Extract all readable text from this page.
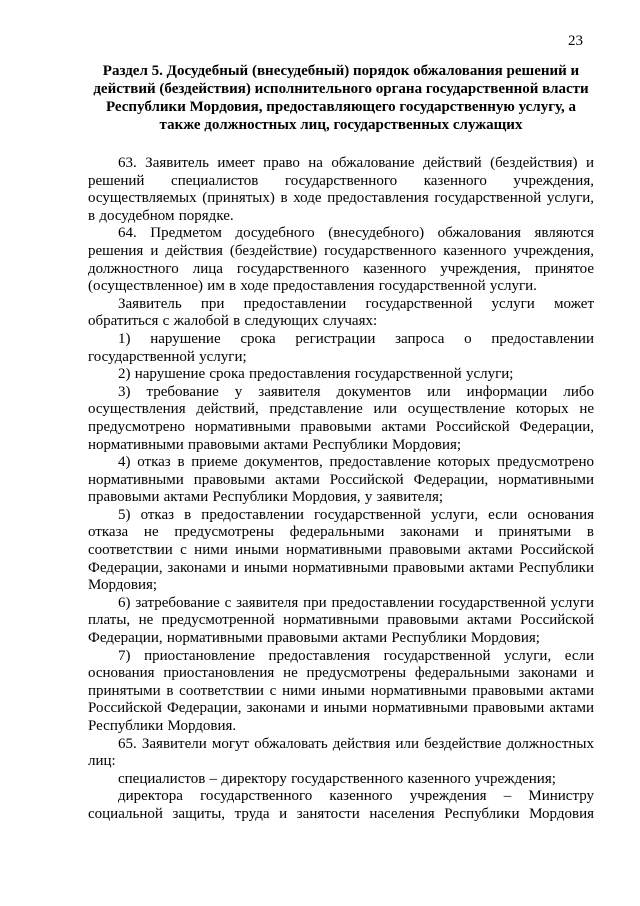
23
Раздел 5. Досудебный (внесудебный) порядок обжалования решений и действий (бездействия) исполнительного органа государственной власти Республики Мордовия, предоставляющего государственную услугу, а также должностных лиц, государственных служащих

63. Заявитель имеет право на обжалование действий (бездействия) и решений специалистов государственного казенного учреждения, осуществляемых (принятых) в ходе предоставления государственной услуги, в досудебном порядке.

64. Предметом досудебного (внесудебного) обжалования являются решения и действия (бездействие) государственного казенного учреждения, должностного лица государственного казенного учреждения, принятое (осуществленное) им в ходе предоставления государственной услуги.

Заявитель при предоставлении государственной услуги может обратиться с жалобой в следующих случаях:

1) нарушение срока регистрации запроса о предоставлении государственной услуги;

2) нарушение срока предоставления государственной услуги;

3) требование у заявителя документов или информации либо осуществления действий, представление или осуществление которых не предусмотрено нормативными правовыми актами Российской Федерации, нормативными правовыми актами Республики Мордовия;

4) отказ в приеме документов, предоставление которых предусмотрено нормативными правовыми актами Российской Федерации, нормативными правовыми актами Республики Мордовия, у заявителя;

5) отказ в предоставлении государственной услуги, если основания отказа не предусмотрены федеральными законами и принятыми в соответствии с ними иными нормативными правовыми актами Российской Федерации, законами и иными нормативными правовыми актами Республики Мордовия;

6) затребование с заявителя при предоставлении государственной услуги платы, не предусмотренной нормативными правовыми актами Российской Федерации, нормативными правовыми актами Республики Мордовия;

7) приостановление предоставления государственной услуги, если основания приостановления не предусмотрены федеральными законами и принятыми в соответствии с ними иными нормативными правовыми актами Российской Федерации, законами и иными нормативными правовыми актами Республики Мордовия.

65. Заявители могут обжаловать действия или бездействие должностных лиц:

специалистов – директору государственного казенного учреждения;

директора государственного казенного учреждения – Министру социальной защиты, труда и занятости населения Республики Мордовия
